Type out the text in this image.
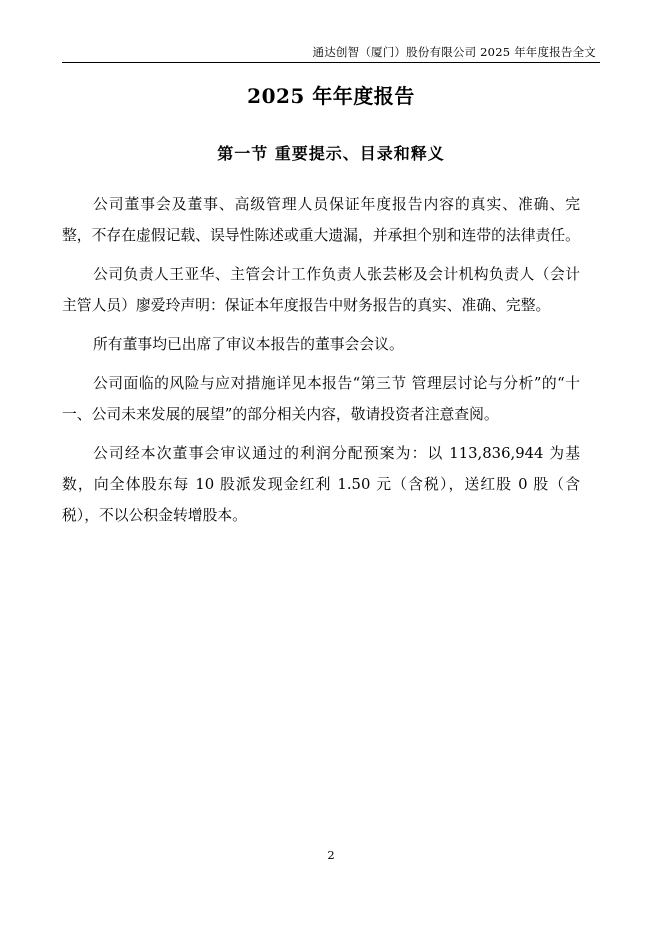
通达创智（厦门）股份有限公司 2025 年年度报告全文
2025 年年度报告
第一节 重要提示、目录和释义

公司董事会及董事、高级管理人员保证年度报告内容的真实、准确、完整，不存在虚假记载、误导性陈述或重大遗漏，并承担个别和连带的法律责任。

公司负责人王亚华、主管会计工作负责人张芸彬及会计机构负责人（会计主管人员）廖爱玲声明：保证本年度报告中财务报告的真实、准确、完整。

所有董事均已出席了审议本报告的董事会会议。

公司面临的风险与应对措施详见本报告“第三节 管理层讨论与分析”的“十一、公司未来发展的展望”的部分相关内容，敬请投资者注意查阅。

公司经本次董事会审议通过的利润分配预案为：以 113,836,944 为基数，向全体股东每 10 股派发现金红利 1.50 元（含税），送红股 0 股（含税），不以公积金转增股本。

2
